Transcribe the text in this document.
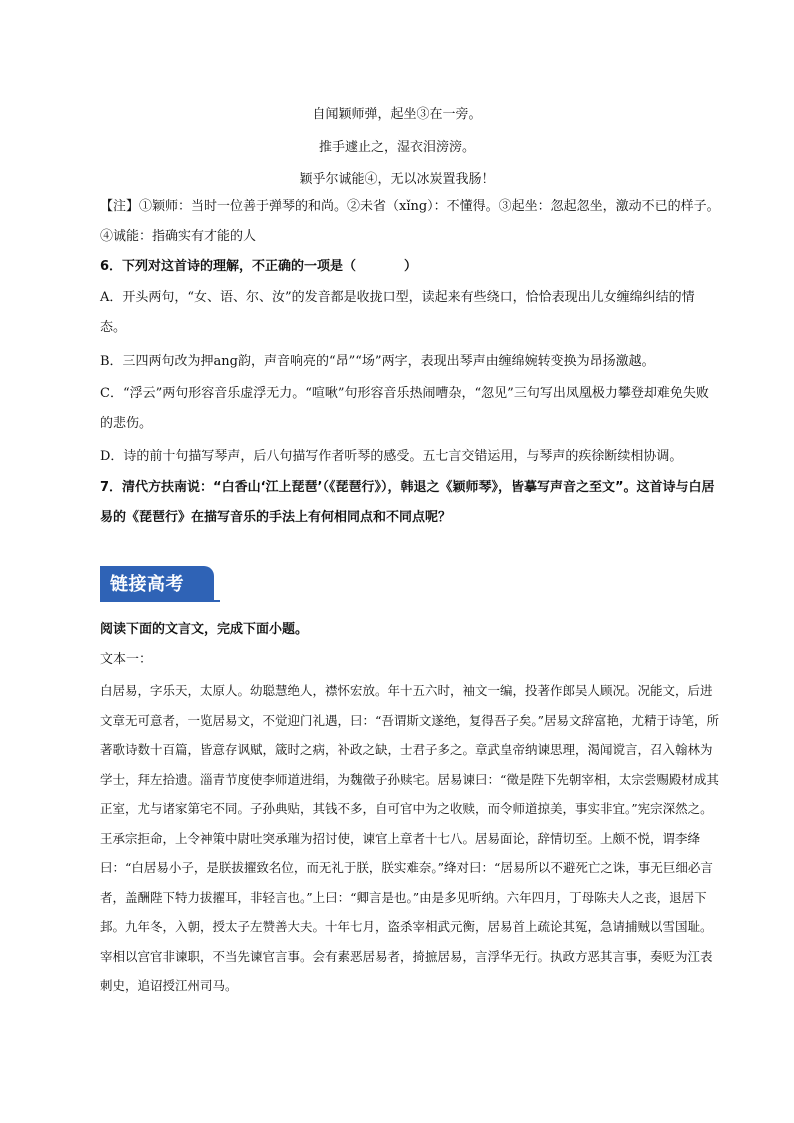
自闻颖师弹，起坐③在一旁。
推手遽止之，湿衣泪滂滂。
颖乎尔诚能④，无以冰炭置我肠！
【注】①颖师：当时一位善于弹琴的和尚。②未省（xǐng）：不懂得。③起坐：忽起忽坐，激动不已的样子。④诚能：指确实有才能的人
6．下列对这首诗的理解，不正确的一项是（	）
A．开头两句，“女、语、尔、汝”的发音都是收拢口型，读起来有些绕口，恰恰表现出儿女缠绵纠结的情态。
B．三四两句改为押ang韵，声音响亮的“昂”“场”两字，表现出琴声由缠绵婉转变换为昂扬激越。
C．“浮云”两句形容音乐虚浮无力。“喧啾”句形容音乐热闹嘈杂，“忽见”三句写出凤凰极力攀登却难免失败的悲伤。
D．诗的前十句描写琴声，后八句描写作者听琴的感受。五七言交错运用，与琴声的疾徐断续相协调。
7．清代方扶南说：“白香山‘江上琵琶’（《琵琶行》），韩退之《颖师琴》，皆摹写声音之至文”。这首诗与白居易的《琵琶行》在描写音乐的手法上有何相同点和不同点呢？
链接高考
阅读下面的文言文，完成下面小题。
文本一：
白居易，字乐天，太原人。幼聪慧绝人，襟怀宏放。年十五六时，袖文一编，投著作郎吴人顾况。况能文，后进文章无可意者，一览居易文，不觉迎门礼遇，曰：“吾谓斯文遂绝，复得吾子矣。”居易文辞富艳，尤精于诗笔，所著歌诗数十百篇，皆意存讽赋，箴时之病，补政之缺，士君子多之。章武皇帝纳谏思理，渴闻谠言，召入翰林为学士，拜左拾遗。淄青节度使李师道进绢，为魏徵子孙赎宅。居易谏曰：“徵是陛下先朝宰相，太宗尝赐殿材成其正室，尤与诸家第宅不同。子孙典贴，其钱不多，自可官中为之收赎，而令师道掠美，事实非宜。”宪宗深然之。王承宗拒命，上令神策中尉吐突承璀为招讨使，谏官上章者十七八。居易面论，辞情切至。上颇不悦，谓李绛曰：“白居易小子，是朕拔擢致名位，而无礼于朕，朕实难奈。”绛对曰：“居易所以不避死亡之诛，事无巨细必言者，盖酬陛下特力拔擢耳，非轻言也。”上曰：“卿言是也。”由是多见听纳。六年四月，丁母陈夫人之丧，退居下邽。九年冬，入朝，授太子左赞善大夫。十年七月，盗杀宰相武元衡，居易首上疏论其冤，急请捕贼以雪国耻。宰相以宫官非谏职，不当先谏官言事。会有素恶居易者，掎摭居易，言浮华无行。执政方恶其言事，奏贬为江表刺史，追诏授江州司马。
